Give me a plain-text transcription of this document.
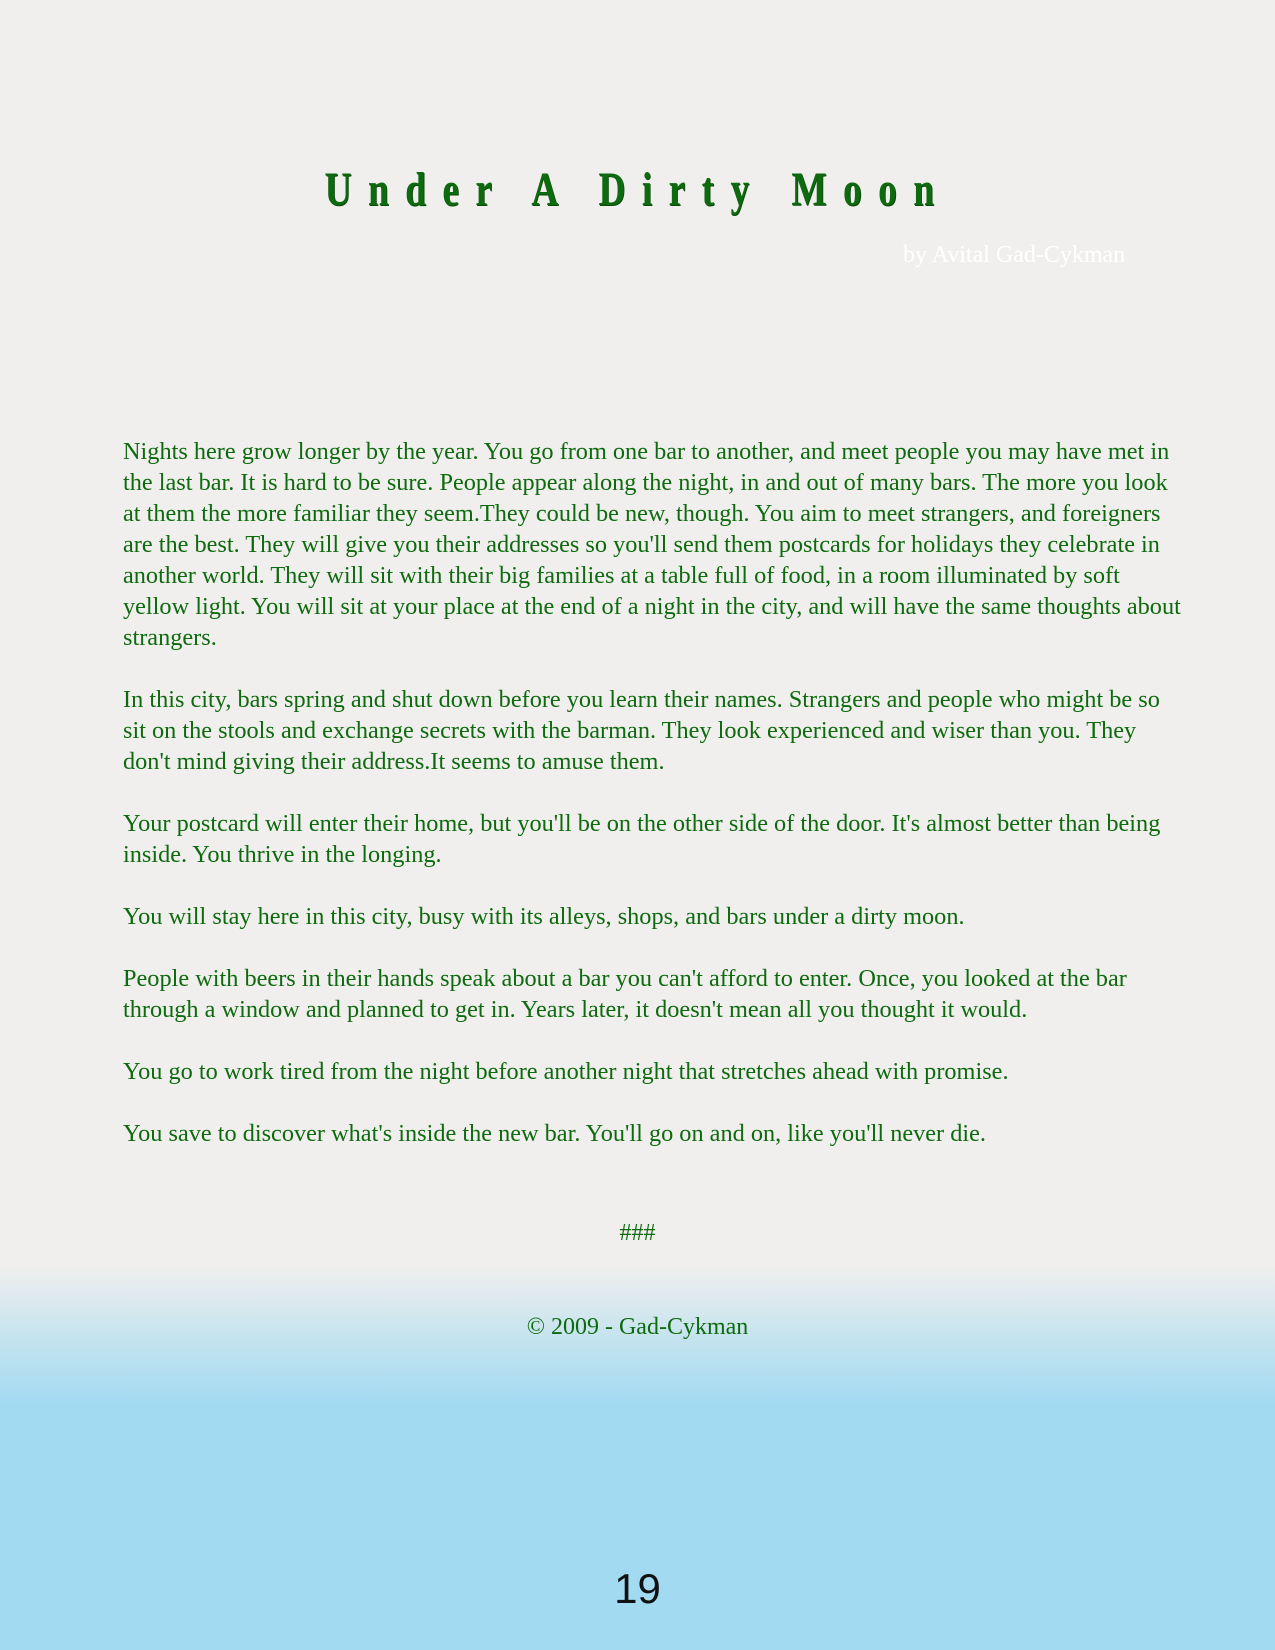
Under A Dirty Moon

by Avital Gad-Cykman

Nights here grow longer by the year. You go from one bar to another, and meet people you may have met in the last bar. It is hard to be sure. People appear along the night, in and out of many bars. The more you look at them the more familiar they seem.They could be new, though. You aim to meet strangers, and foreigners are the best. They will give you their addresses so you'll send them postcards for holidays they celebrate in another world. They will sit with their big families at a table full of food, in a room illuminated by soft yellow light. You will sit at your place at the end of a night in the city, and will have the same thoughts about strangers.

In this city, bars spring and shut down before you learn their names. Strangers and people who might be so sit on the stools and exchange secrets with the barman. They look experienced and wiser than you. They don't mind giving their address.It seems to amuse them.

Your postcard will enter their home, but you'll be on the other side of the door. It's almost better than being inside. You thrive in the longing.

You will stay here in this city, busy with its alleys, shops, and bars under a dirty moon.

People with beers in their hands speak about a bar you can't afford to enter. Once, you looked at the bar through a window and planned to get in. Years later, it doesn't mean all you thought it would.

You go to work tired from the night before another night that stretches ahead with promise.

You save to discover what's inside the new bar. You'll go on and on, like you'll never die.

###

© 2009 - Gad-Cykman

19
